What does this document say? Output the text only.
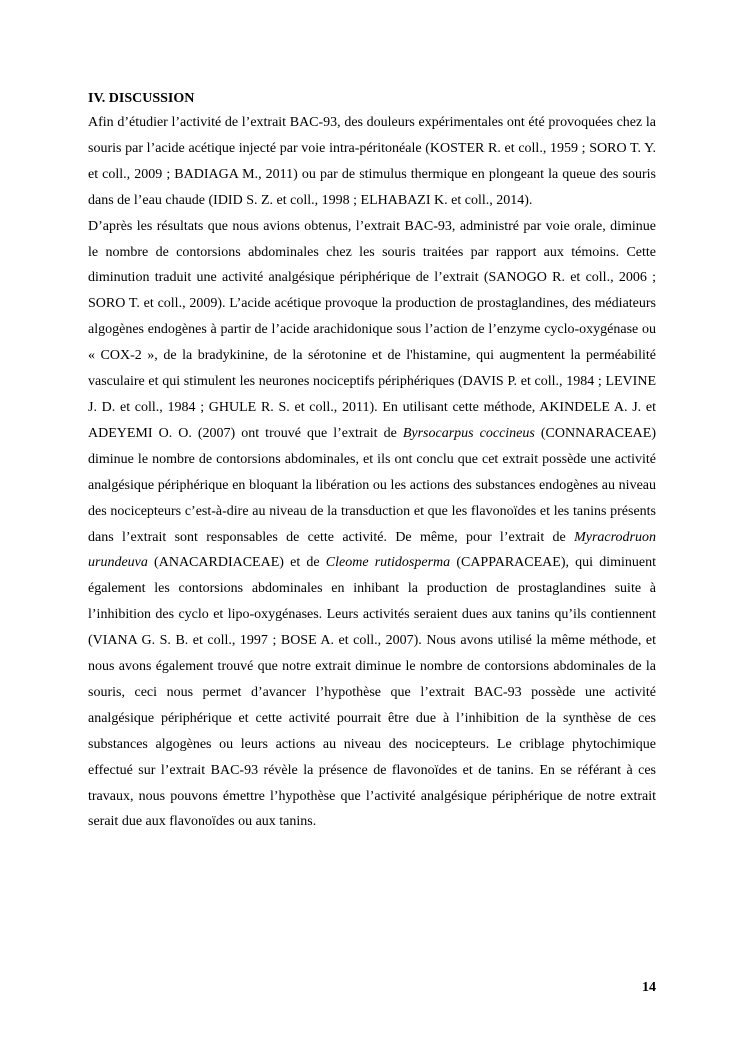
IV. DISCUSSION

Afin d’étudier l’activité de l’extrait BAC-93, des douleurs expérimentales ont été provoquées chez la souris par l’acide acétique injecté par voie intra-péritonéale (KOSTER R. et coll., 1959 ; SORO T. Y. et coll., 2009 ; BADIAGA M., 2011) ou par de stimulus thermique en plongeant la queue des souris dans de l’eau chaude (IDID S. Z. et coll., 1998 ; ELHABAZI K. et coll., 2014).

D’après les résultats que nous avions obtenus, l’extrait BAC-93, administré par voie orale, diminue le nombre de contorsions abdominales chez les souris traitées par rapport aux témoins. Cette diminution traduit une activité analgésique périphérique de l’extrait (SANOGO R. et coll., 2006 ; SORO T. et coll., 2009). L’acide acétique provoque la production de prostaglandines, des médiateurs algogènes endogènes à partir de l’acide arachidonique sous l’action de l’enzyme cyclo-oxygénase ou « COX-2 », de la bradykinine, de la sérotonine et de l'histamine, qui augmentent la perméabilité vasculaire et qui stimulent les neurones nociceptifs périphériques (DAVIS P. et coll., 1984 ; LEVINE J. D. et coll., 1984 ; GHULE R. S. et coll., 2011). En utilisant cette méthode, AKINDELE A. J. et ADEYEMI O. O. (2007) ont trouvé que l’extrait de Byrsocarpus coccineus (CONNARACEAE) diminue le nombre de contorsions abdominales, et ils ont conclu que cet extrait possède une activité analgésique périphérique en bloquant la libération ou les actions des substances endogènes au niveau des nocicepteurs c’est-à-dire au niveau de la transduction et que les flavonoïdes et les tanins présents dans l’extrait sont responsables de cette activité. De même, pour l’extrait de Myracrodruon urundeuva (ANACARDIACEAE) et de Cleome rutidosperma (CAPPARACEAE), qui diminuent également les contorsions abdominales en inhibant la production de prostaglandines suite à l’inhibition des cyclo et lipo-oxygénases. Leurs activités seraient dues aux tanins qu’ils contiennent (VIANA G. S. B. et coll., 1997 ; BOSE A. et coll., 2007). Nous avons utilisé la même méthode, et nous avons également trouvé que notre extrait diminue le nombre de contorsions abdominales de la souris, ceci nous permet d’avancer l’hypothèse que l’extrait BAC-93 possède une activité analgésique périphérique et cette activité pourrait être due à l’inhibition de la synthèse de ces substances algogènes ou leurs actions au niveau des nocicepteurs. Le criblage phytochimique effectué sur l’extrait BAC-93 révèle la présence de flavonoïdes et de tanins. En se référant à ces travaux, nous pouvons émettre l’hypothèse que l’activité analgésique périphérique de notre extrait serait due aux flavonoïdes ou aux tanins.

14
